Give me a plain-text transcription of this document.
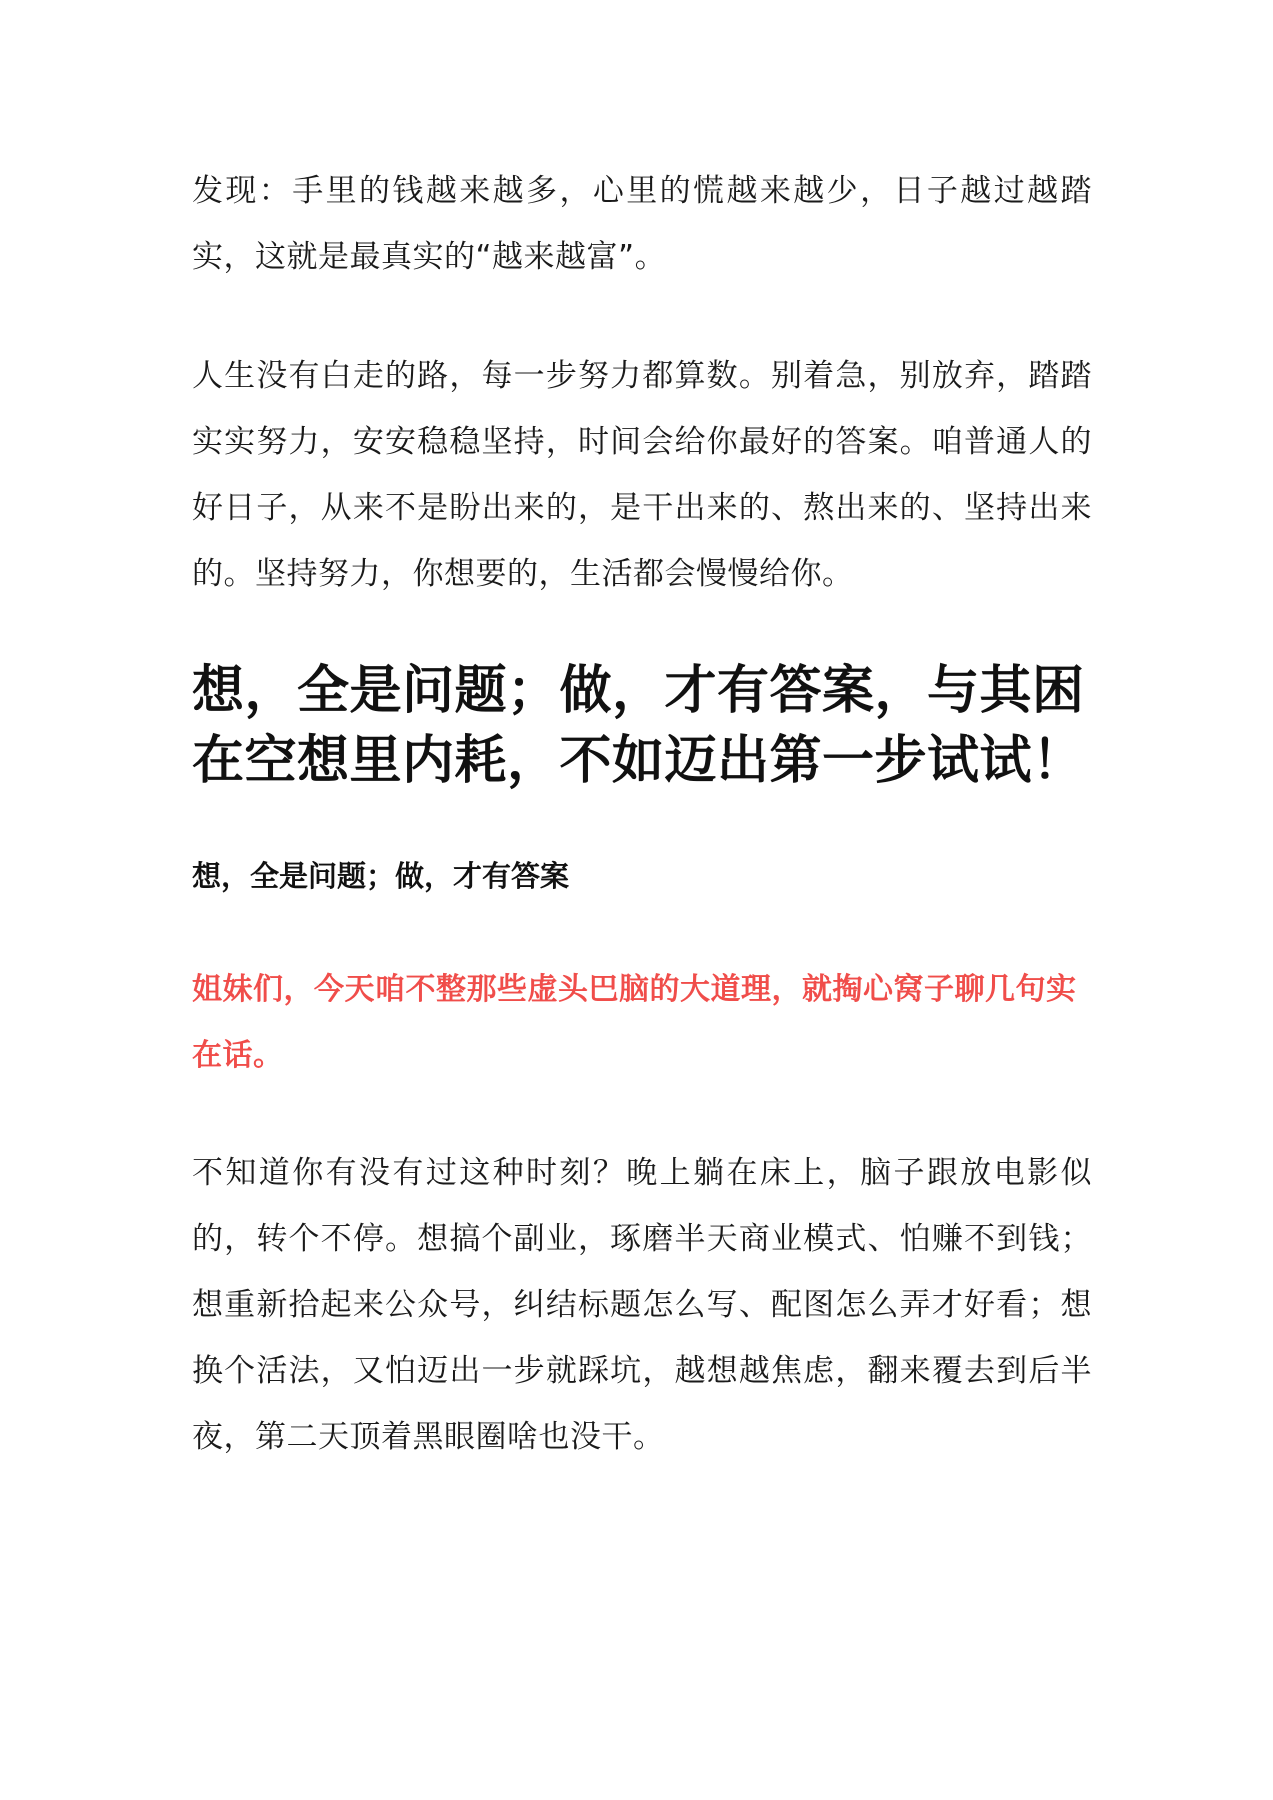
发现：手里的钱越来越多，心里的慌越来越少，日子越过越踏实，这就是最真实的“越来越富”。

人生没有白走的路，每一步努力都算数。别着急，别放弃，踏踏实实努力，安安稳稳坚持，时间会给你最好的答案。咱普通人的好日子，从来不是盼出来的，是干出来的、熬出来的、坚持出来的。坚持努力，你想要的，生活都会慢慢给你。

想，全是问题；做，才有答案，与其困在空想里内耗，不如迈出第一步试试！
想，全是问题；做，才有答案

姐妹们，今天咱不整那些虚头巴脑的大道理，就掏心窝子聊几句实在话。

不知道你有没有过这种时刻？晚上躺在床上，脑子跟放电影似的，转个不停。想搞个副业，琢磨半天商业模式、怕赚不到钱；想重新拾起来公众号，纠结标题怎么写、配图怎么弄才好看；想换个活法，又怕迈出一步就踩坑，越想越焦虑，翻来覆去到后半夜，第二天顶着黑眼圈啥也没干。
